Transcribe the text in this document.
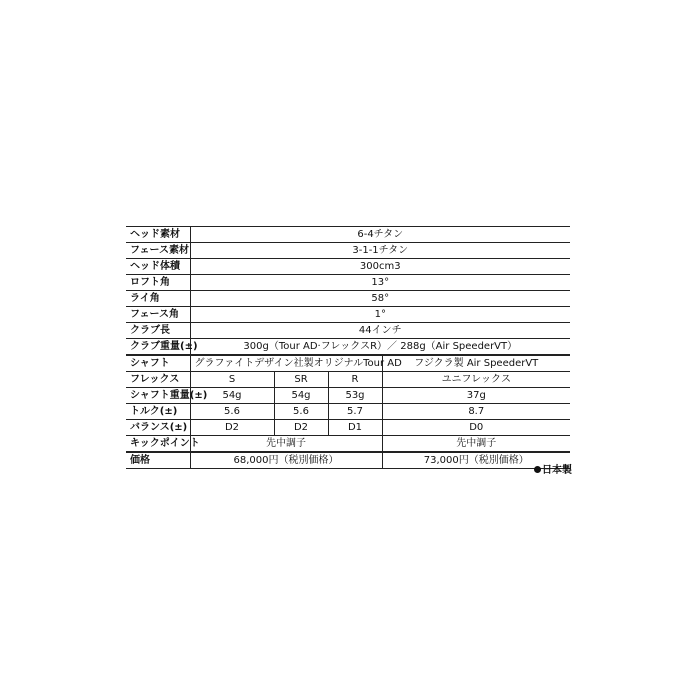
ヘッド素材	6-4チタン			
フェース素材	3-1-1チタン			
ヘッド体積	300cm3			
ロフト角	13°			
ライ角	58°			
フェース角	1°			
クラブ長	44インチ			
クラブ重量(±)	300g（Tour AD·フレックスR）／ 288g（Air SpeederVT）			
シャフト	グラファイトデザイン社製オリジナルTour AD			フジクラ製 Air SpeederVT
フレックス	S	SR	R	ユニフレックス
シャフト重量(±)	54g	54g	53g	37g
トルク(±)	5.6	5.6	5.7	8.7
バランス(±)	D2	D2	D1	D0
キックポイント	先中調子			先中調子
価格	68,000円（税別価格）			73,000円（税別価格）
日本製
